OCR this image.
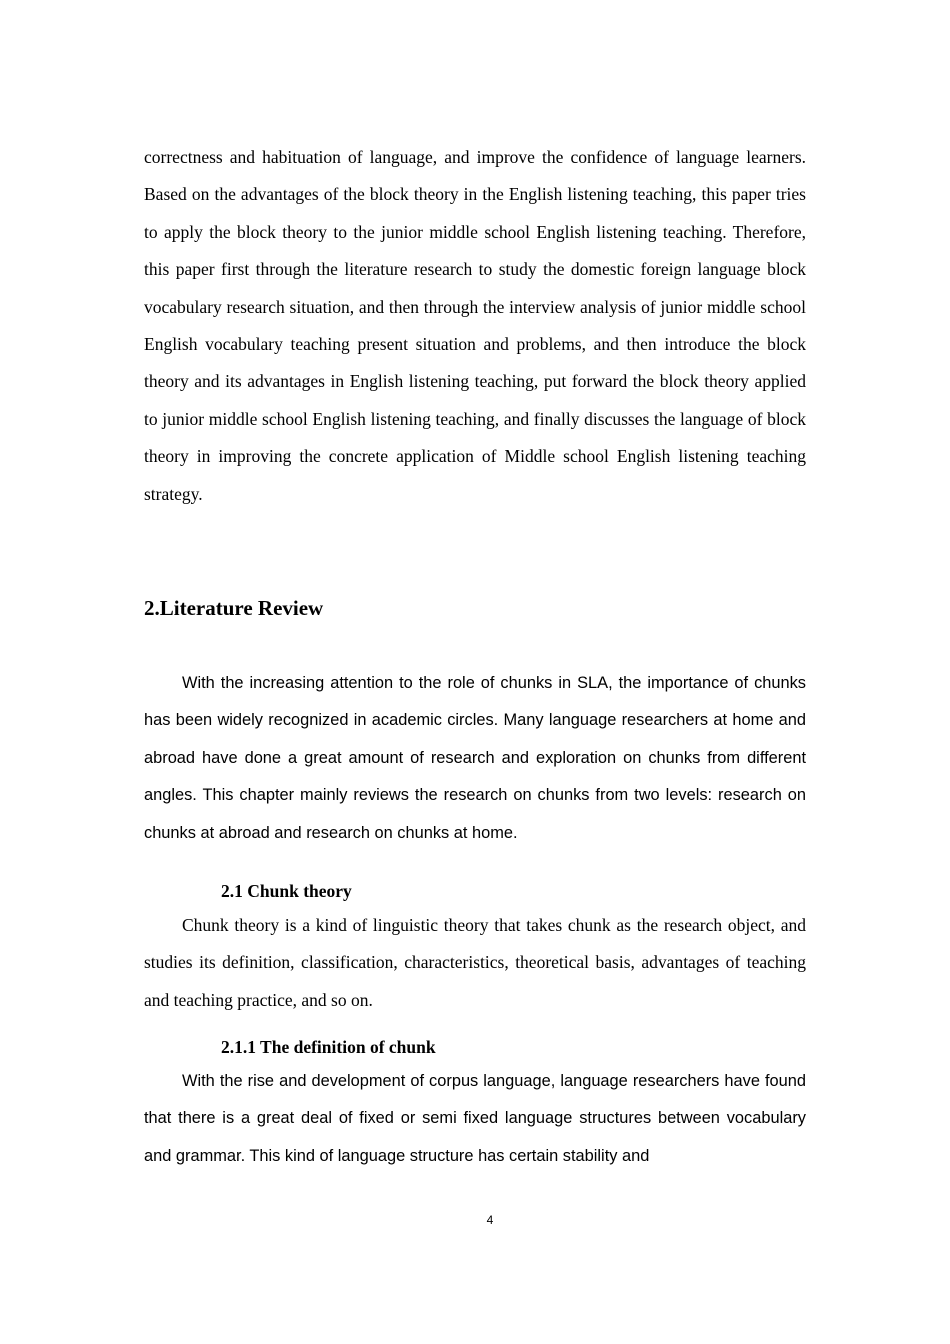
correctness and habituation of language, and improve the confidence of language learners. Based on the advantages of the block theory in the English listening teaching, this paper tries to apply the block theory to the junior middle school English listening teaching. Therefore, this paper first through the literature research to study the domestic foreign language block vocabulary research situation, and then through the interview analysis of junior middle school English vocabulary teaching present situation and problems, and then introduce the block theory and its advantages in English listening teaching, put forward the block theory applied to junior middle school English listening teaching, and finally discusses the language of block theory in improving the concrete application of Middle school English listening teaching strategy.

2.Literature Review

With the increasing attention to the role of chunks in SLA, the importance of chunks has been widely recognized in academic circles. Many language researchers at home and abroad have done a great amount of research and exploration on chunks from different angles. This chapter mainly reviews the research on chunks from two levels: research on chunks at abroad and research on chunks at home.

2.1 Chunk theory

Chunk theory is a kind of linguistic theory that takes chunk as the research object, and studies its definition, classification, characteristics, theoretical basis, advantages of teaching and teaching practice, and so on.

2.1.1 The definition of chunk

With the rise and development of corpus language, language researchers have found that there is a great deal of fixed or semi fixed language structures between vocabulary and grammar. This kind of language structure has certain stability and

4
